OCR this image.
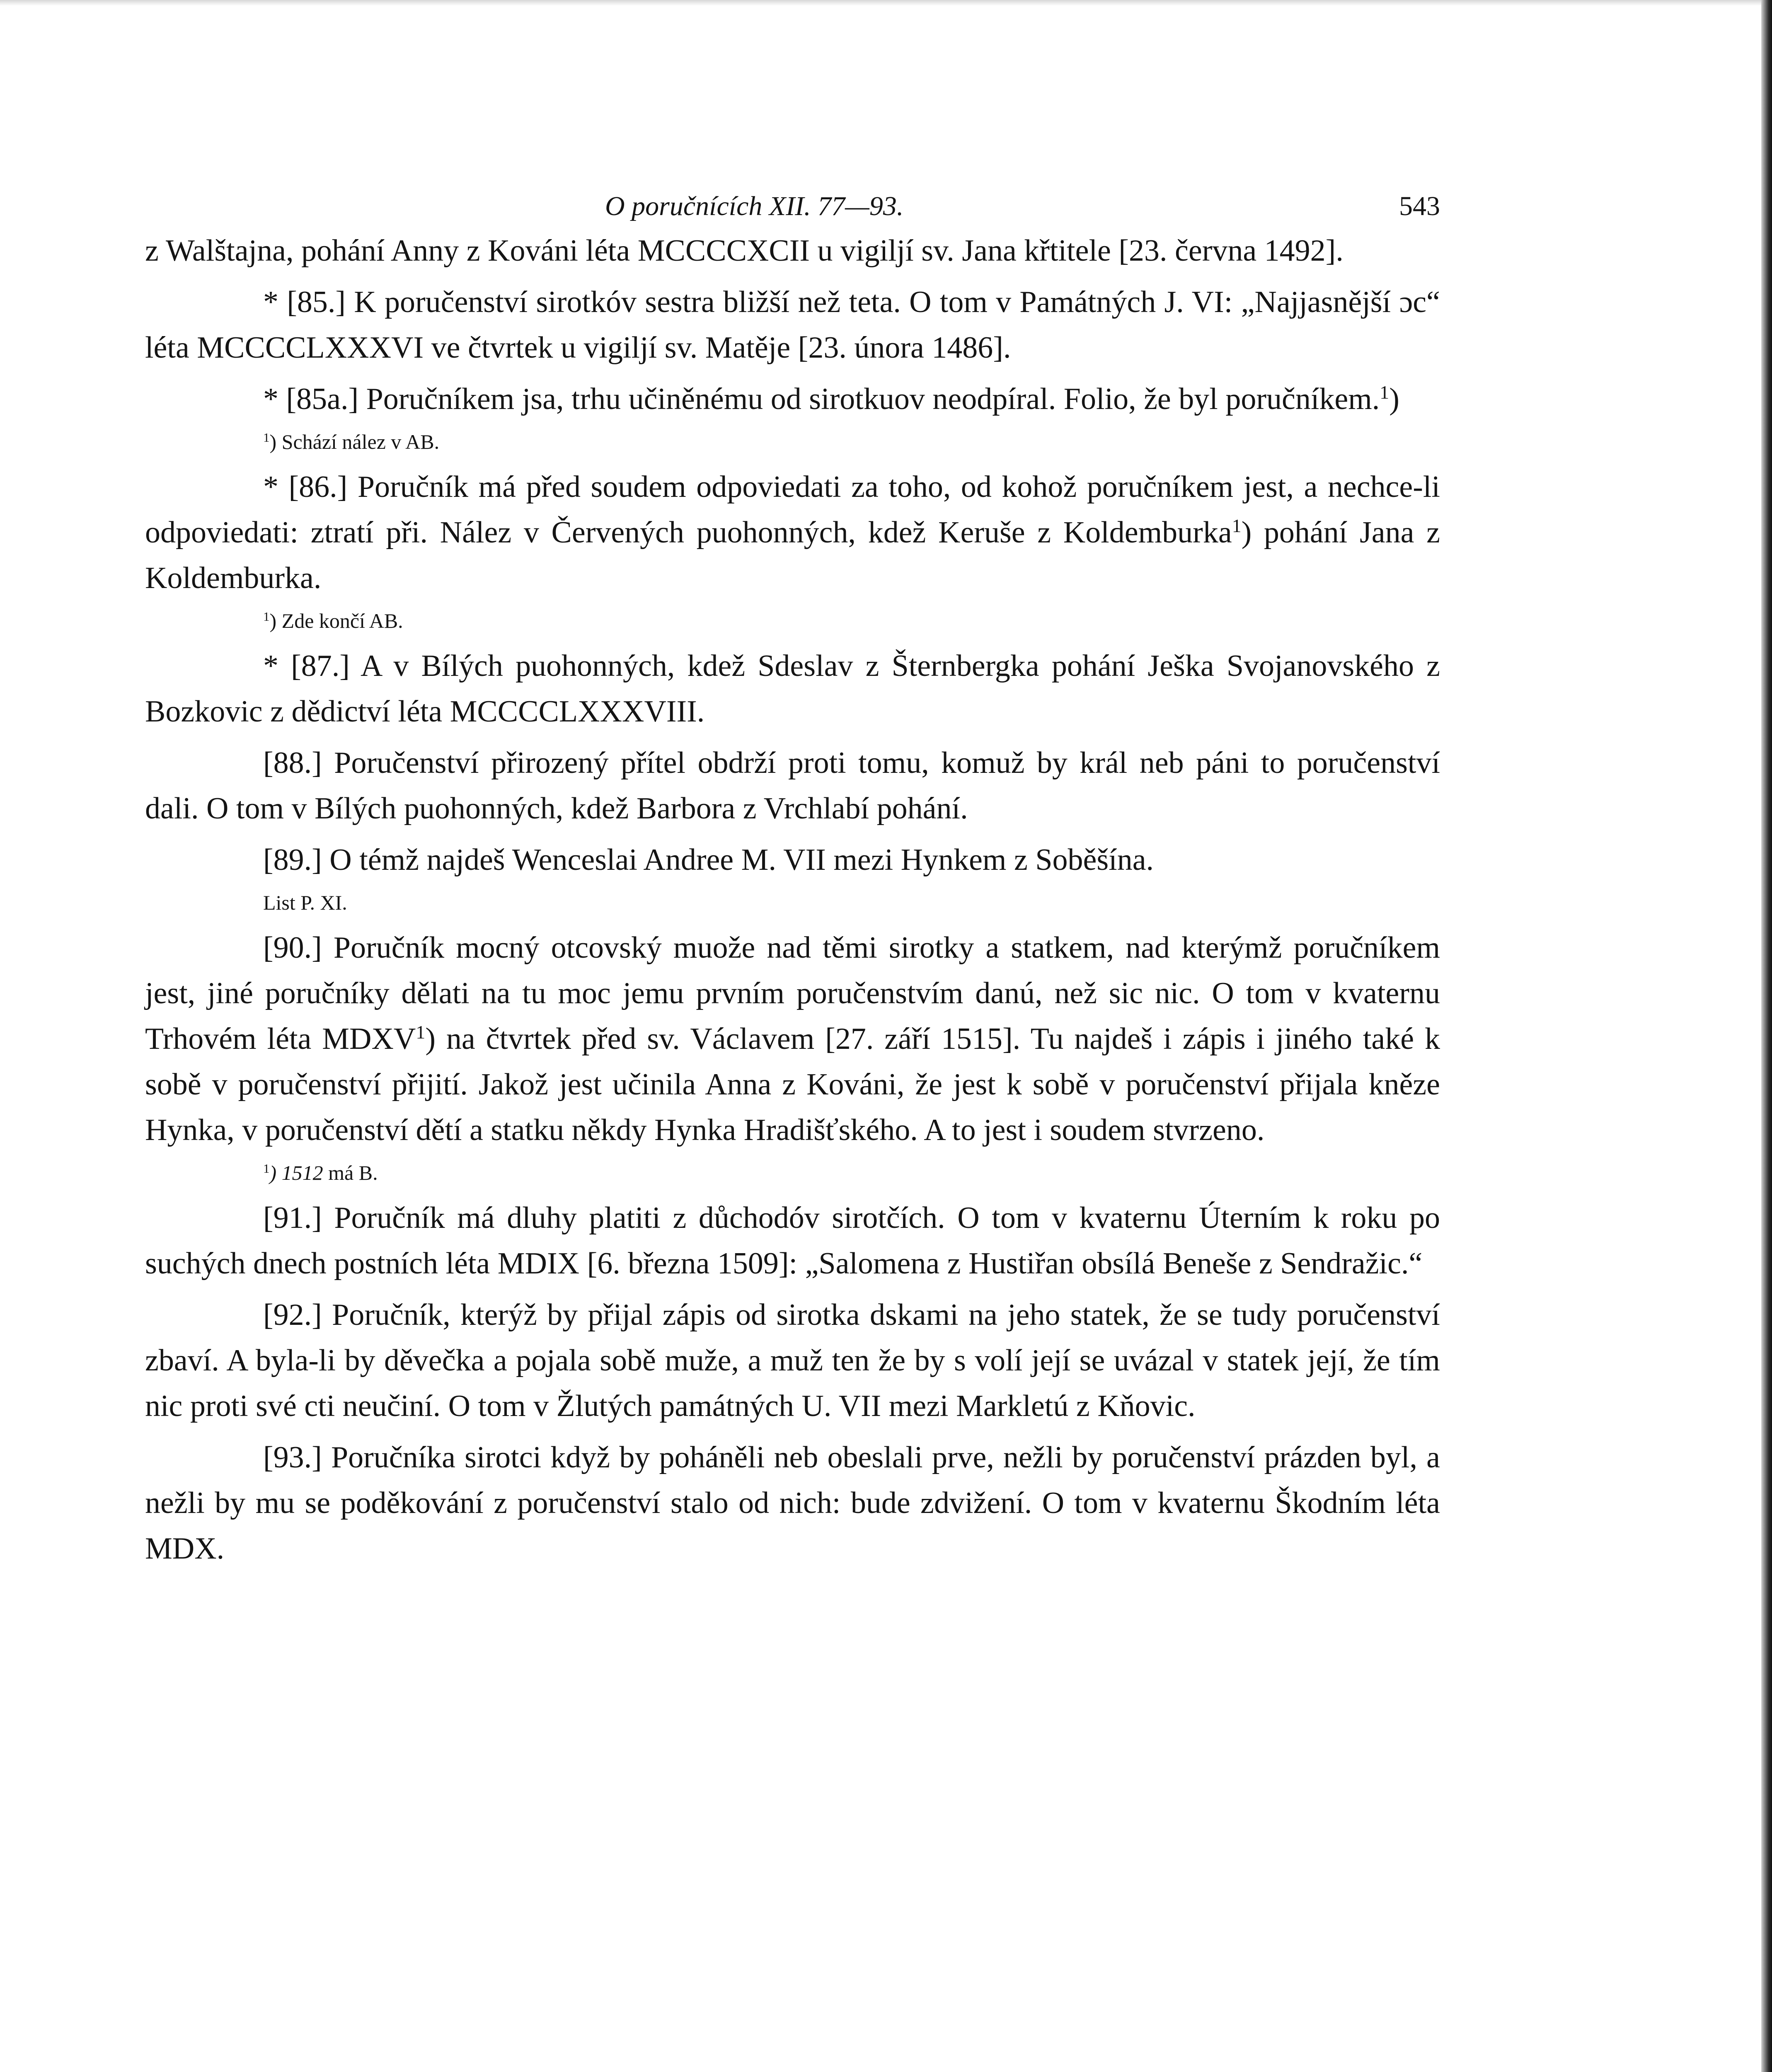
O poručnících XII. 77—93.	543

z Walštajna, pohání Anny z Kováni léta MCCCCXCII u vigiljí sv. Jana křtitele [23. června 1492].

* [85.] K poručenství sirotkóv sestra bližší než teta. O tom v Památných J. VI: „Najjasnější ɔc“ léta MCCCCLXXXVI ve čtvrtek u vigiljí sv. Matěje [23. února 1486].

* [85a.] Poručníkem jsa, trhu učiněnému od sirotkuov neodpíral. Folio, že byl poručníkem.$^1$)

$^1$) Schází nález v AB.

* [86.] Poručník má před soudem odpoviedati za toho, od kohož poručníkem jest, a nechce-li odpoviedati: ztratí při. Nález v Červených puohonných, kdež Keruše z Koldemburka$^1$) pohání Jana z Koldemburka.

$^1$) Zde končí AB.

* [87.] A v Bílých puohonných, kdež Sdeslav z Šternbergka pohání Ješka Svojanovského z Bozkovic z dědictví léta MCCCCLXXXVIII.

[88.] Poručenství přirozený přítel obdrží proti tomu, komuž by král neb páni to poručenství dali. O tom v Bílých puohonných, kdež Barbora z Vrchlabí pohání.

[89.] O témž najdeš Wenceslai Andree M. VII mezi Hynkem z Soběšína.

List P. XI.

[90.] Poručník mocný otcovský muože nad těmi sirotky a statkem, nad kterýmž poručníkem jest, jiné poručníky dělati na tu moc jemu prvním poručenstvím danú, než sic nic. O tom v kvaternu Trhovém léta MDXV$^1$) na čtvrtek před sv. Václavem [27. září 1515]. Tu najdeš i zápis i jiného také k sobě v poručenství přijití. Jakož jest učinila Anna z Kováni, že jest k sobě v poručenství přijala kněze Hynka, v poručenství dětí a statku někdy Hynka Hradišťského. A to jest i soudem stvrzeno.

$^1$) 1512 má B.

[91.] Poručník má dluhy platiti z důchodóv sirotčích. O tom v kvaternu Úterním k roku po suchých dnech postních léta MDIX [6. března 1509]: „Salomena z Hustiřan obsílá Beneše z Sendražic.“

[92.] Poručník, kterýž by přijal zápis od sirotka dskami na jeho statek, že se tudy poručenství zbaví. A byla-li by děvečka a pojala sobě muže, a muž ten že by s volí její se uvázal v statek její, že tím nic proti své cti neučiní. O tom v Žlutých památných U. VII mezi Markletú z Kňovic.

[93.] Poručníka sirotci když by poháněli neb obeslali prve, nežli by poručenství prázden byl, a nežli by mu se poděkování z poručenství stalo od nich: bude zdvižení. O tom v kvaternu Škodním léta MDX.
